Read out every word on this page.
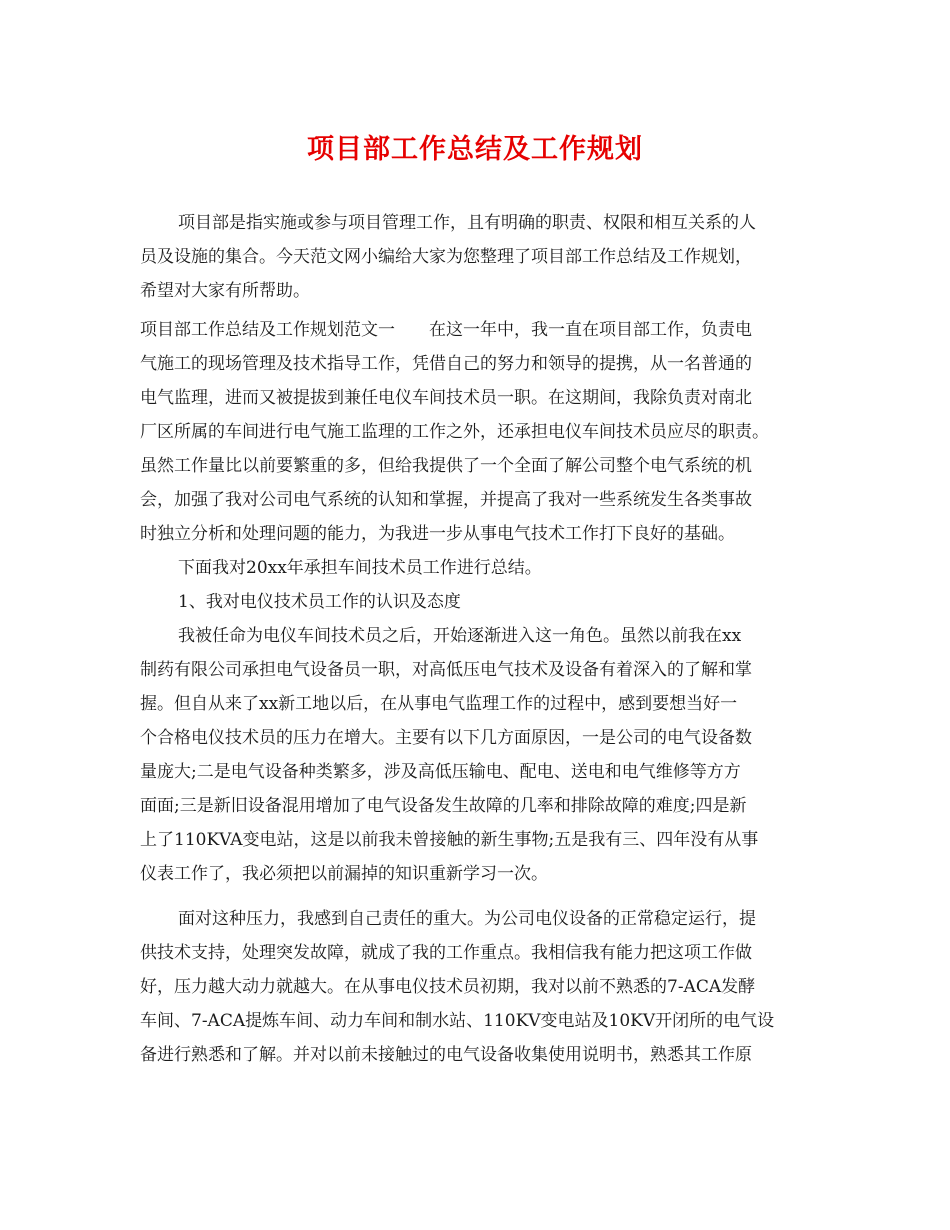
项目部工作总结及工作规划
项目部是指实施或参与项目管理工作，且有明确的职责、权限和相互关系的人
员及设施的集合。今天范文网小编给大家为您整理了项目部工作总结及工作规划，
希望对大家有所帮助。
项目部工作总结及工作规划范文一　　在这一年中，我一直在项目部工作，负责电
气施工的现场管理及技术指导工作，凭借自己的努力和领导的提携，从一名普通的
电气监理，进而又被提拔到兼任电仪车间技术员一职。在这期间，我除负责对南北
厂区所属的车间进行电气施工监理的工作之外，还承担电仪车间技术员应尽的职责。
虽然工作量比以前要繁重的多，但给我提供了一个全面了解公司整个电气系统的机
会，加强了我对公司电气系统的认知和掌握，并提高了我对一些系统发生各类事故
时独立分析和处理问题的能力，为我进一步从事电气技术工作打下良好的基础。
下面我对20xx年承担车间技术员工作进行总结。
1、我对电仪技术员工作的认识及态度
我被任命为电仪车间技术员之后，开始逐渐进入这一角色。虽然以前我在xx
制药有限公司承担电气设备员一职，对高低压电气技术及设备有着深入的了解和掌
握。但自从来了xx新工地以后，在从事电气监理工作的过程中，感到要想当好一
个合格电仪技术员的压力在增大。主要有以下几方面原因，一是公司的电气设备数
量庞大;二是电气设备种类繁多，涉及高低压输电、配电、送电和电气维修等方方
面面;三是新旧设备混用增加了电气设备发生故障的几率和排除故障的难度;四是新
上了110KVA变电站，这是以前我未曾接触的新生事物;五是我有三、四年没有从事
仪表工作了，我必须把以前漏掉的知识重新学习一次。
面对这种压力，我感到自己责任的重大。为公司电仪设备的正常稳定运行，提
供技术支持，处理突发故障，就成了我的工作重点。我相信我有能力把这项工作做
好，压力越大动力就越大。在从事电仪技术员初期，我对以前不熟悉的7-ACA发酵
车间、7-ACA提炼车间、动力车间和制水站、110KV变电站及10KV开闭所的电气设
备进行熟悉和了解。并对以前未接触过的电气设备收集使用说明书，熟悉其工作原
